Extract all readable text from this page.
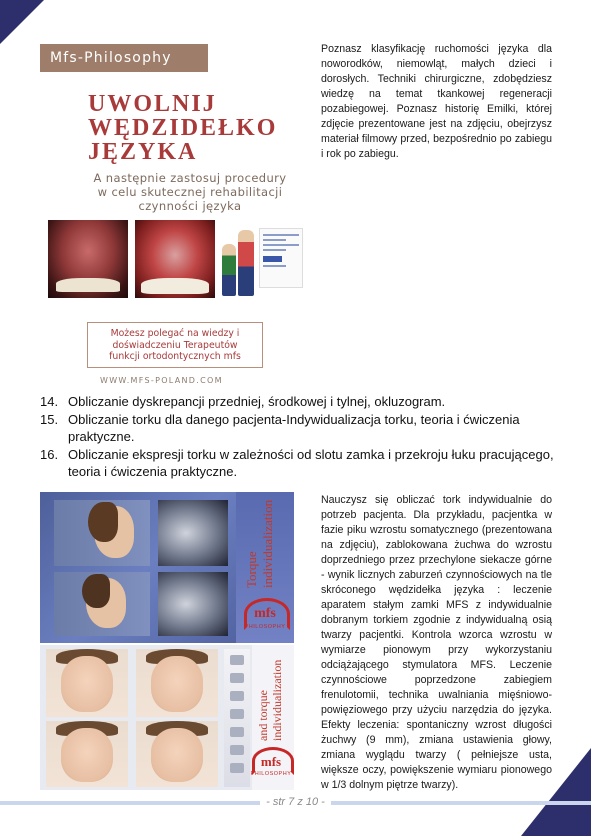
Mfs-Philosophy
UWOLNIJ
WĘDZIDEŁKO
JĘZYKA
A następnie zastosuj procedury
w celu skutecznej rehabilitacji
czynności języka
Możesz polegać na wiedzy i
doświadczeniu Terapeutów
funkcji ortodontycznych mfs
WWW.MFS-POLAND.COM

Poznasz klasyfikację ruchomości języka dla noworodków, niemowląt, małych dzieci i dorosłych. Techniki chirurgiczne, zdobędziesz wiedzę na temat tkankowej regeneracji pozabiegowej. Poznasz historię Emilki, której zdjęcie prezentowane jest na zdjęciu, obejrzysz materiał filmowy przed, bezpośrednio po zabiegu i rok po zabiegu.

14. Obliczanie dyskrepancji przedniej, środkowej i tylnej, okluzogram.
15. Obliczanie torku dla danego pacjenta-Indywidualizacja torku, teoria i ćwiczenia praktyczne.
16. Obliczanie ekspresji torku w zależności od slotu zamka i przekroju łuku pracującego, teoria i ćwiczenia praktyczne.
Torque individualization
mfs
PHILOSOPHY
and torque individualization
mfs
PHILOSOPHY

Nauczysz się obliczać tork indywidualnie do potrzeb pacjenta. Dla przykładu, pacjentka w fazie piku wzrostu somatycznego (prezentowana na zdjęciu), zablokowana żuchwa do wzrostu doprzedniego przez przechylone siekacze górne - wynik licznych zaburzeń czynnościowych na tle skróconego wędzidełka języka : leczenie aparatem stałym zamki MFS z indywidualnie dobranym torkiem zgodnie z indywidualną osią twarzy pacjentki. Kontrola wzorca wzrostu w wymiarze pionowym przy wykorzystaniu odciążającego stymulatora MFS. Leczenie czynnościowe poprzedzone zabiegiem frenulotomii, technika uwalniania mięśniowo-powięziowego przy użyciu narzędzia do języka. Efekty leczenia: spontaniczny wzrost długości żuchwy (9 mm), zmiana ustawienia głowy, zmiana wyglądu twarzy ( pełniejsze usta, większe oczy, powiększenie wymiaru pionowego w 1/3 dolnym piętrze twarzy).

- str 7 z 10 -
